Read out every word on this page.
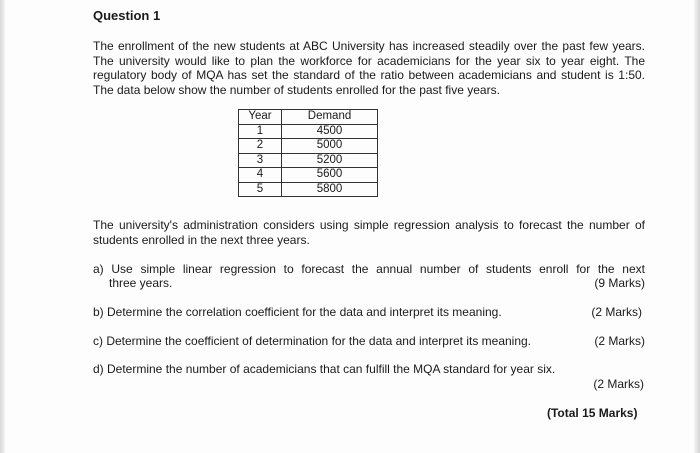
Question 1
The enrollment of the new students at ABC University has increased steadily over the past few years. The university would like to plan the workforce for academicians for the year six to year eight. The regulatory body of MQA has set the standard of the ratio between academicians and student is 1:50. The data below show the number of students enrolled for the past five years.
Year	Demand
1	4500
2	5000
3	5200
4	5600
5	5800
The university's administration considers using simple regression analysis to forecast the number of students enrolled in the next three years.
a) Use simple linear regression to forecast the annual number of students enroll for the next
three years.	(9 Marks)
b) Determine the correlation coefficient for the data and interpret its meaning.	(2 Marks)
c) Determine the coefficient of determination for the data and interpret its meaning.	(2 Marks)
d) Determine the number of academicians that can fulfill the MQA standard for year six.
(2 Marks)
(Total 15 Marks)
